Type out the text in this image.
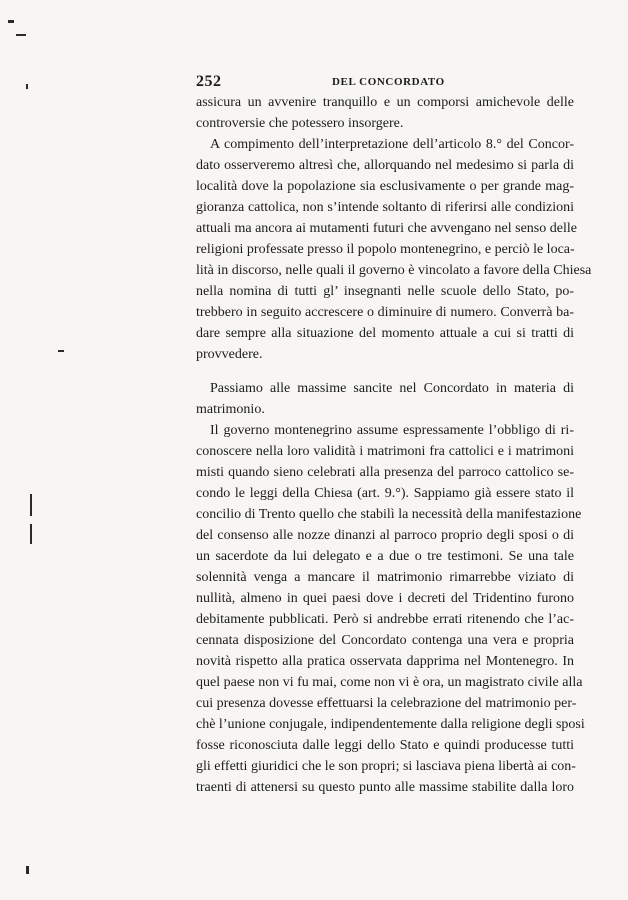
252	DEL CONCORDATO
assicura un avvenire tranquillo e un comporsi amichevole delle
controversie che potessero insorgere.
A compimento dell’interpretazione dell’articolo 8.° del Concor-
dato osserveremo altresì che, allorquando nel medesimo si parla di
località dove la popolazione sia esclusivamente o per grande mag-
gioranza cattolica, non s’intende soltanto di riferirsi alle condizioni
attuali ma ancora ai mutamenti futuri che avvengano nel senso delle
religioni professate presso il popolo montenegrino, e perciò le loca-
lità in discorso, nelle quali il governo è vincolato a favore della Chiesa
nella nomina di tutti gl’ insegnanti nelle scuole dello Stato, po-
trebbero in seguito accrescere o diminuire di numero. Converrà ba-
dare sempre alla situazione del momento attuale a cui si tratti di
provvedere.
Passiamo alle massime sancite nel Concordato in materia di
matrimonio.
Il governo montenegrino assume espressamente l’obbligo di ri-
conoscere nella loro validità i matrimoni fra cattolici e i matrimoni
misti quando sieno celebrati alla presenza del parroco cattolico se-
condo le leggi della Chiesa (art. 9.°). Sappiamo già essere stato il
concilio di Trento quello che stabilì la necessità della manifestazione
del consenso alle nozze dinanzi al parroco proprio degli sposi o di
un sacerdote da lui delegato e a due o tre testimoni. Se una tale
solennità venga a mancare il matrimonio rimarrebbe viziato di
nullità, almeno in quei paesi dove i decreti del Tridentino furono
debitamente pubblicati. Però si andrebbe errati ritenendo che l’ac-
cennata disposizione del Concordato contenga una vera e propria
novità rispetto alla pratica osservata dapprima nel Montenegro. In
quel paese non vi fu mai, come non vi è ora, un magistrato civile alla
cui presenza dovesse effettuarsi la celebrazione del matrimonio per-
chè l’unione conjugale, indipendentemente dalla religione degli sposi
fosse riconosciuta dalle leggi dello Stato e quindi producesse tutti
gli effetti giuridici che le son propri; si lasciava piena libertà ai con-
traenti di attenersi su questo punto alle massime stabilite dalla loro
